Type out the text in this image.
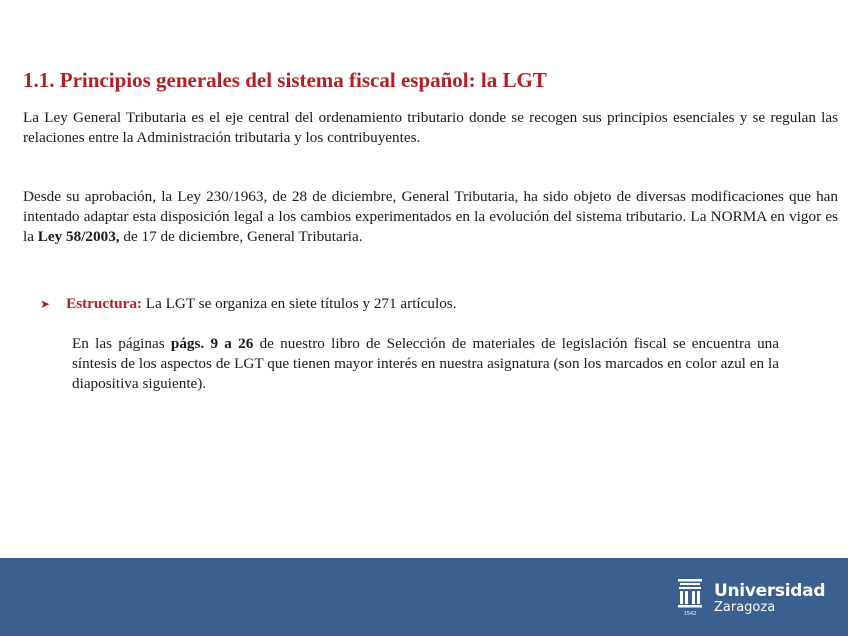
1.1. Principios generales del sistema fiscal español: la LGT

La Ley General Tributaria es el eje central del ordenamiento tributario donde se recogen sus principios esenciales y se regulan las relaciones entre la Administración tributaria y los contribuyentes.

Desde su aprobación, la Ley 230/1963, de 28 de diciembre, General Tributaria, ha sido objeto de diversas modificaciones que han intentado adaptar esta disposición legal a los cambios experimentados en la evolución del sistema tributario. La NORMA en vigor es la Ley 58/2003, de 17 de diciembre, General Tributaria.

➤ Estructura: La LGT se organiza en siete títulos y 271 artículos.

En las páginas págs. 9 a 26 de nuestro libro de Selección de materiales de legislación fiscal se encuentra una síntesis de los aspectos de LGT que tienen mayor interés en nuestra asignatura (son los marcados en color azul en la diapositiva siguiente).

1542
Universidad
Zaragoza
